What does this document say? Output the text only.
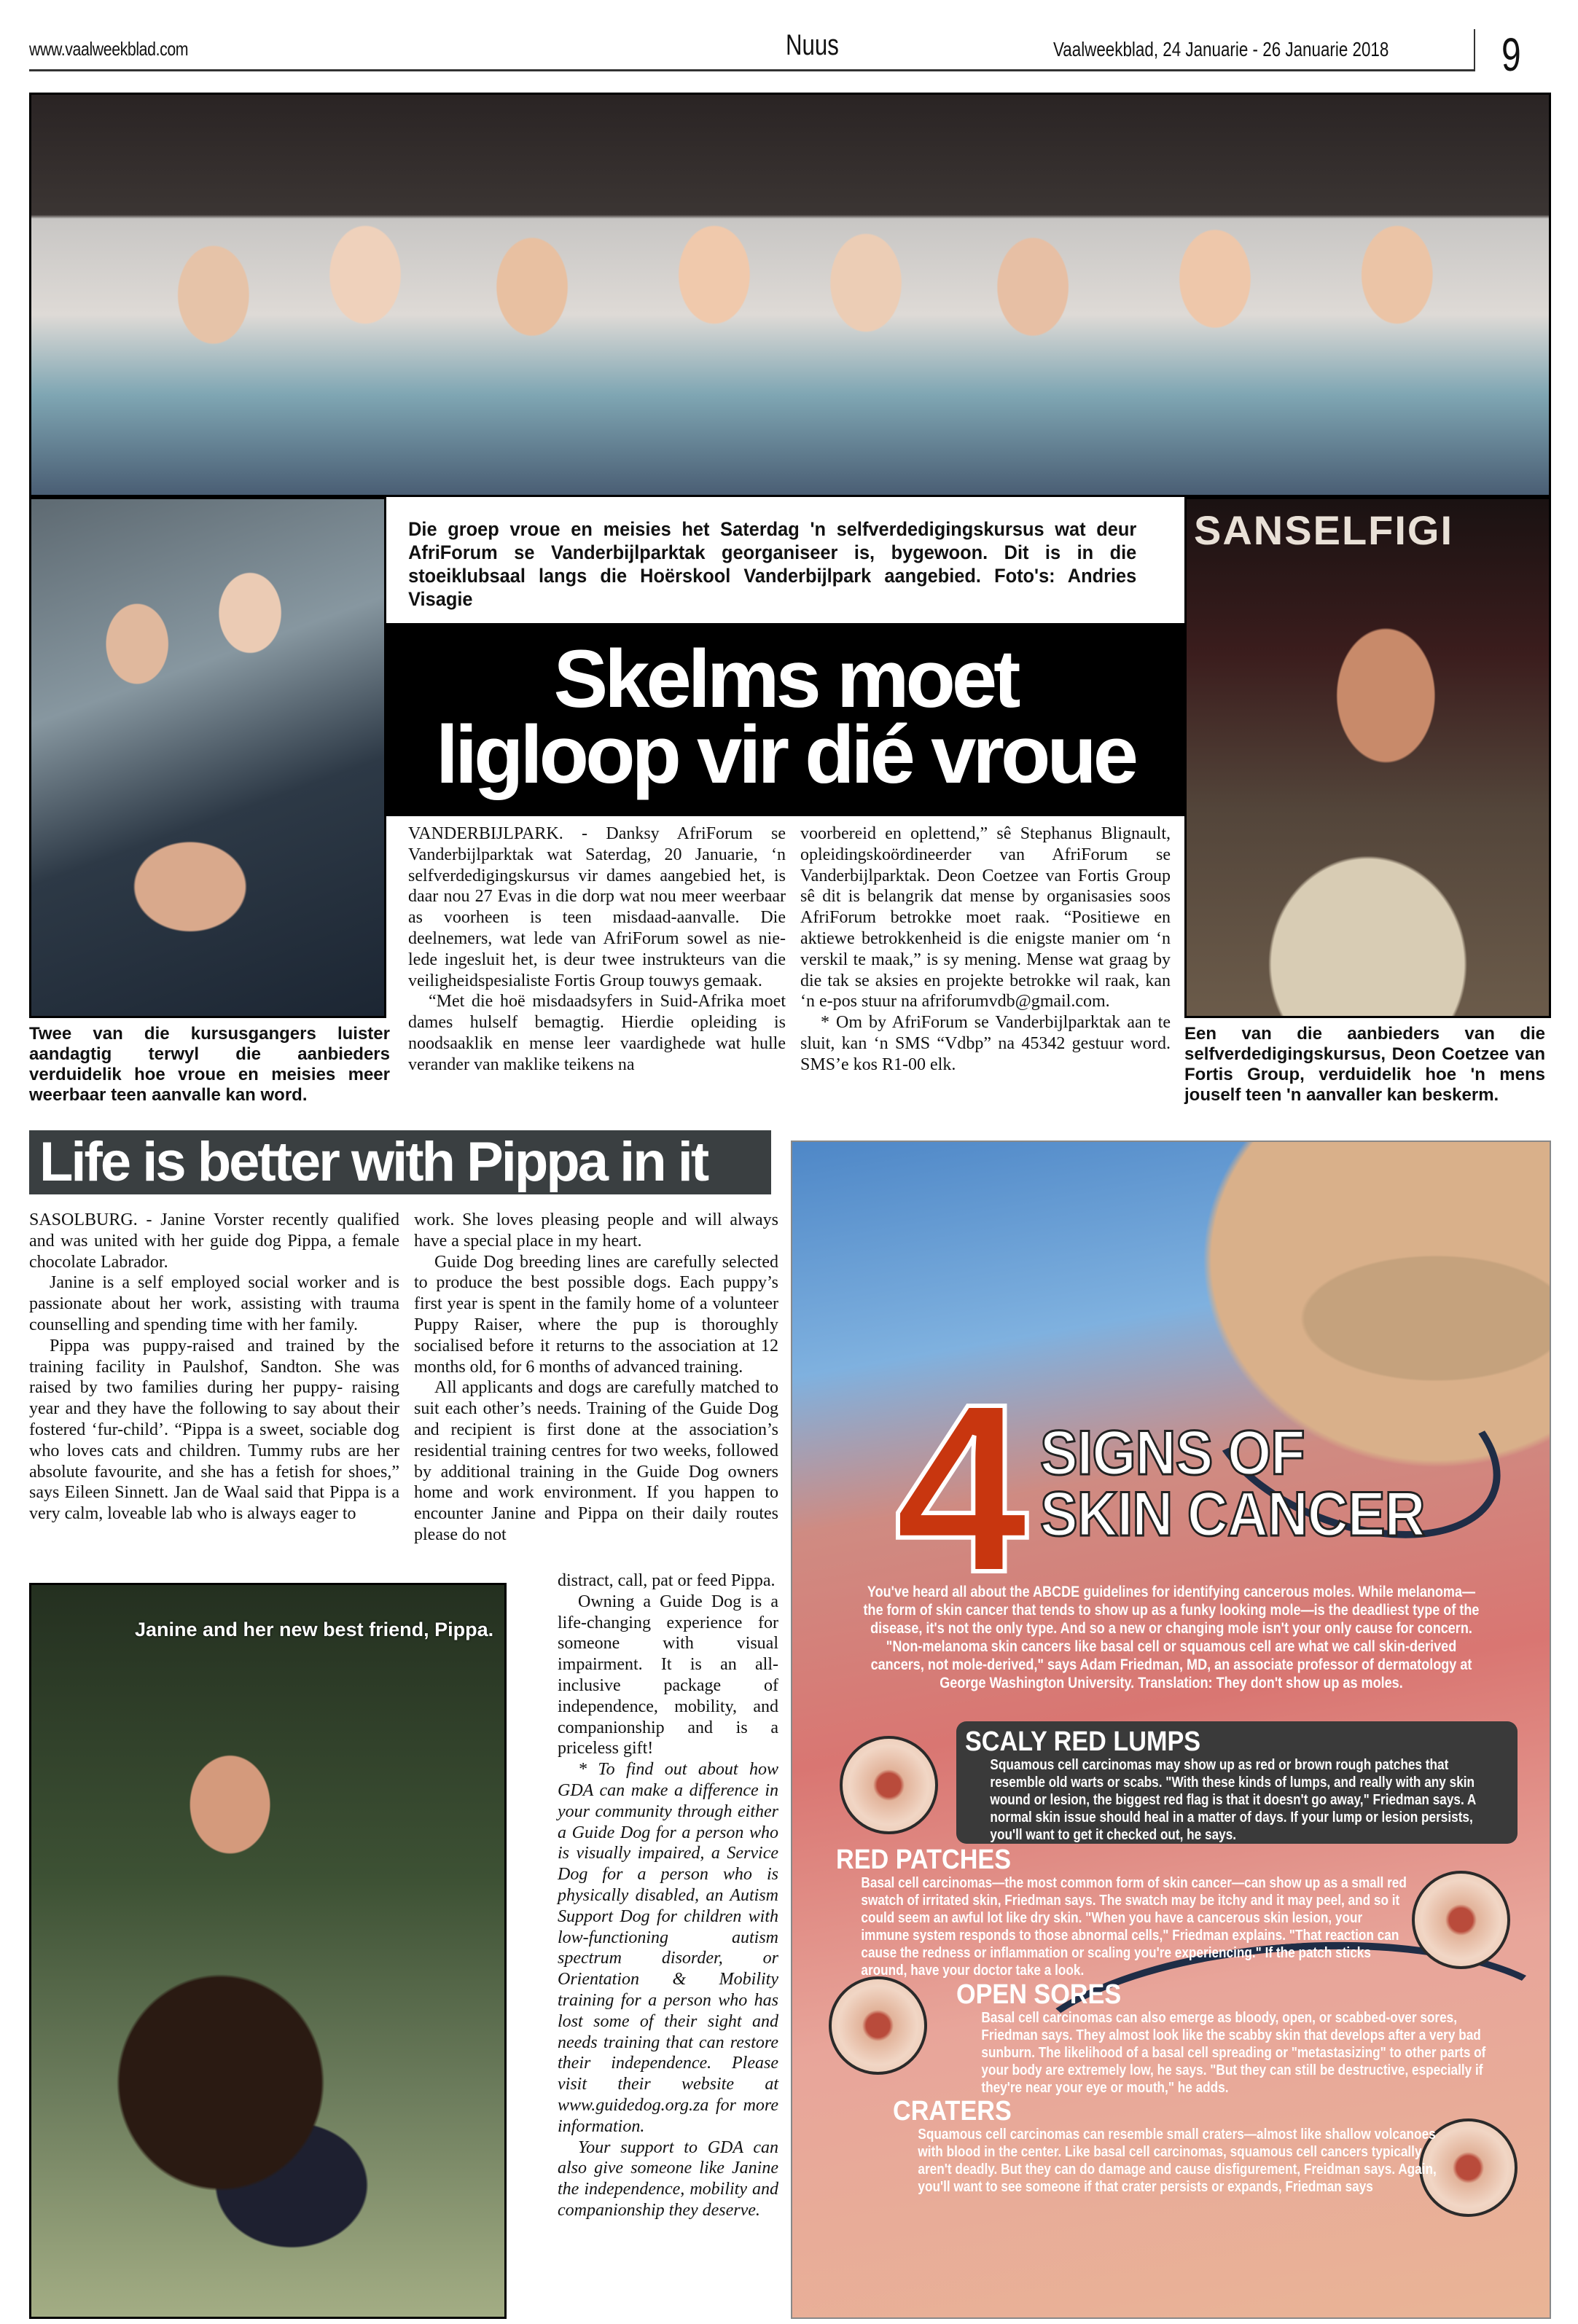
www.vaalweekblad.com	Nuus	Vaalweekblad, 24 Januarie - 26 Januarie 2018 9
SANSELFIGI
Die groep vroue en meisies het Saterdag 'n selfverdedigingskursus wat deur AfriForum se Vanderbijlparktak georganiseer is, bygewoon. Dit is in die stoeiklubsaal langs die Hoërskool Vanderbijlpark aangebied. Foto's: Andries Visagie
Skelms moet
ligloop vir dié vroue

VANDERBIJLPARK. - Danksy AfriForum se Vanderbijlparktak wat Saterdag, 20 Januarie, ‘n selfverdedigingskursus vir dames aangebied het, is daar nou 27 Evas in die dorp wat nou meer weerbaar as voorheen is teen misdaad-aanvalle. Die deelnemers, wat lede van AfriForum sowel as nie-lede ingesluit het, is deur twee instrukteurs van die veiligheidspesialiste Fortis Group touwys gemaak.

“Met die hoë misdaadsyfers in Suid-Afrika moet dames hulself bemagtig. Hierdie opleiding is noodsaaklik en mense leer vaardighede wat hulle verander van maklike teikens na

voorbereid en oplettend,” sê Stephanus Blignault, opleidingskoördineerder van AfriForum se Vanderbijlparktak. Deon Coetzee van Fortis Group sê dit is belangrik dat mense by organisasies soos AfriForum betrokke moet raak. “Positiewe en aktiewe betrokkenheid is die enigste manier om ‘n verskil te maak,” is sy mening. Mense wat graag by die tak se aksies en projekte betrokke wil raak, kan ‘n e-pos stuur na afriforumvdb@gmail.com.

* Om by AfriForum se Vanderbijlparktak aan te sluit, kan ‘n SMS “Vdbp” na 45342 gestuur word. SMS’e kos R1-00 elk.

Twee van die kursusgangers luister aandagtig terwyl die aanbieders verduidelik hoe vroue en meisies meer weerbaar teen aanvalle kan word.
Een van die aanbieders van die selfverdedigingskursus, Deon Coetzee van Fortis Group, verduidelik hoe 'n mens jouself teen 'n aanvaller kan beskerm.
Life is better with Pippa in it

SASOLBURG. - Janine Vorster recently qualified and was united with her guide dog Pippa, a female chocolate Labrador.

Janine is a self employed social worker and is passionate about her work, assisting with trauma counselling and spending time with her family.

Pippa was puppy-raised and trained by the training facility in Paulshof, Sandton. She was raised by two families during her puppy- raising year and they have the following to say about their fostered ‘fur-child’. “Pippa is a sweet, sociable dog who loves cats and children. Tummy rubs are her absolute favourite, and she has a fetish for shoes,” says Eileen Sinnett. Jan de Waal said that Pippa is a very calm, loveable lab who is always eager to

work. She loves pleasing people and will always have a special place in my heart.

Guide Dog breeding lines are carefully selected to produce the best possible dogs. Each puppy’s first year is spent in the family home of a volunteer Puppy Raiser, where the pup is thoroughly socialised before it returns to the association at 12 months old, for 6 months of advanced training.

All applicants and dogs are carefully matched to suit each other’s needs. Training of the Guide Dog and recipient is first done at the association’s residential training centres for two weeks, followed by additional training in the Guide Dog owners home and work environment. If you happen to encounter Janine and Pippa on their daily routes please do not

Janine and her new best friend, Pippa.

distract, call, pat or feed Pippa.

Owning a Guide Dog is a life-changing experience for someone with visual impairment. It is an all-inclusive package of independence, mobility, and companionship and is a priceless gift!

* To find out about how GDA can make a difference in your community through either a Guide Dog for a person who is visually impaired, a Service Dog for a person who is physically disabled, an Autism Support Dog for children with low-functioning autism spectrum disorder, or Orientation & Mobility training for a person who has lost some of their sight and needs training that can restore their independence. Please visit their website at www.guidedog.org.za for more information.

Your support to GDA can also give someone like Janine the independence, mobility and companionship they deserve.

4 SIGNS OF
SKIN CANCER
You've heard all about the ABCDE guidelines for identifying cancerous moles. While melanoma—the form of skin cancer that tends to show up as a funky looking mole—is the deadliest type of the disease, it's not the only type. And so a new or changing mole isn't your only cause for concern. "Non-melanoma skin cancers like basal cell or squamous cell are what we call skin-derived cancers, not mole-derived," says Adam Friedman, MD, an associate professor of dermatology at George Washington University. Translation: They don't show up as moles.
SCALY RED LUMPS

Squamous cell carcinomas may show up as red or brown rough patches that resemble old warts or scabs. "With these kinds of lumps, and really with any skin wound or lesion, the biggest red flag is that it doesn't go away," Friedman says. A normal skin issue should heal in a matter of days. If your lump or lesion persists, you'll want to get it checked out, he says.

RED PATCHES

Basal cell carcinomas—the most common form of skin cancer—can show up as a small red swatch of irritated skin, Friedman says. The swatch may be itchy and it may peel, and so it could seem an awful lot like dry skin. "When you have a cancerous skin lesion, your immune system responds to those abnormal cells," Friedman explains. "That reaction can cause the redness or inflammation or scaling you're experiencing." If the patch sticks around, have your doctor take a look.

OPEN SORES

Basal cell carcinomas can also emerge as bloody, open, or scabbed-over sores, Friedman says. They almost look like the scabby skin that develops after a very bad sunburn. The likelihood of a basal cell spreading or "metastasizing" to other parts of your body are extremely low, he says. "But they can still be destructive, especially if they're near your eye or mouth," he adds.

CRATERS

Squamous cell carcinomas can resemble small craters—almost like shallow volcanoes with blood in the center. Like basal cell carcinomas, squamous cell cancers typically aren't deadly. But they can do damage and cause disfigurement, Freidman says. Again, you'll want to see someone if that crater persists or expands, Friedman says
